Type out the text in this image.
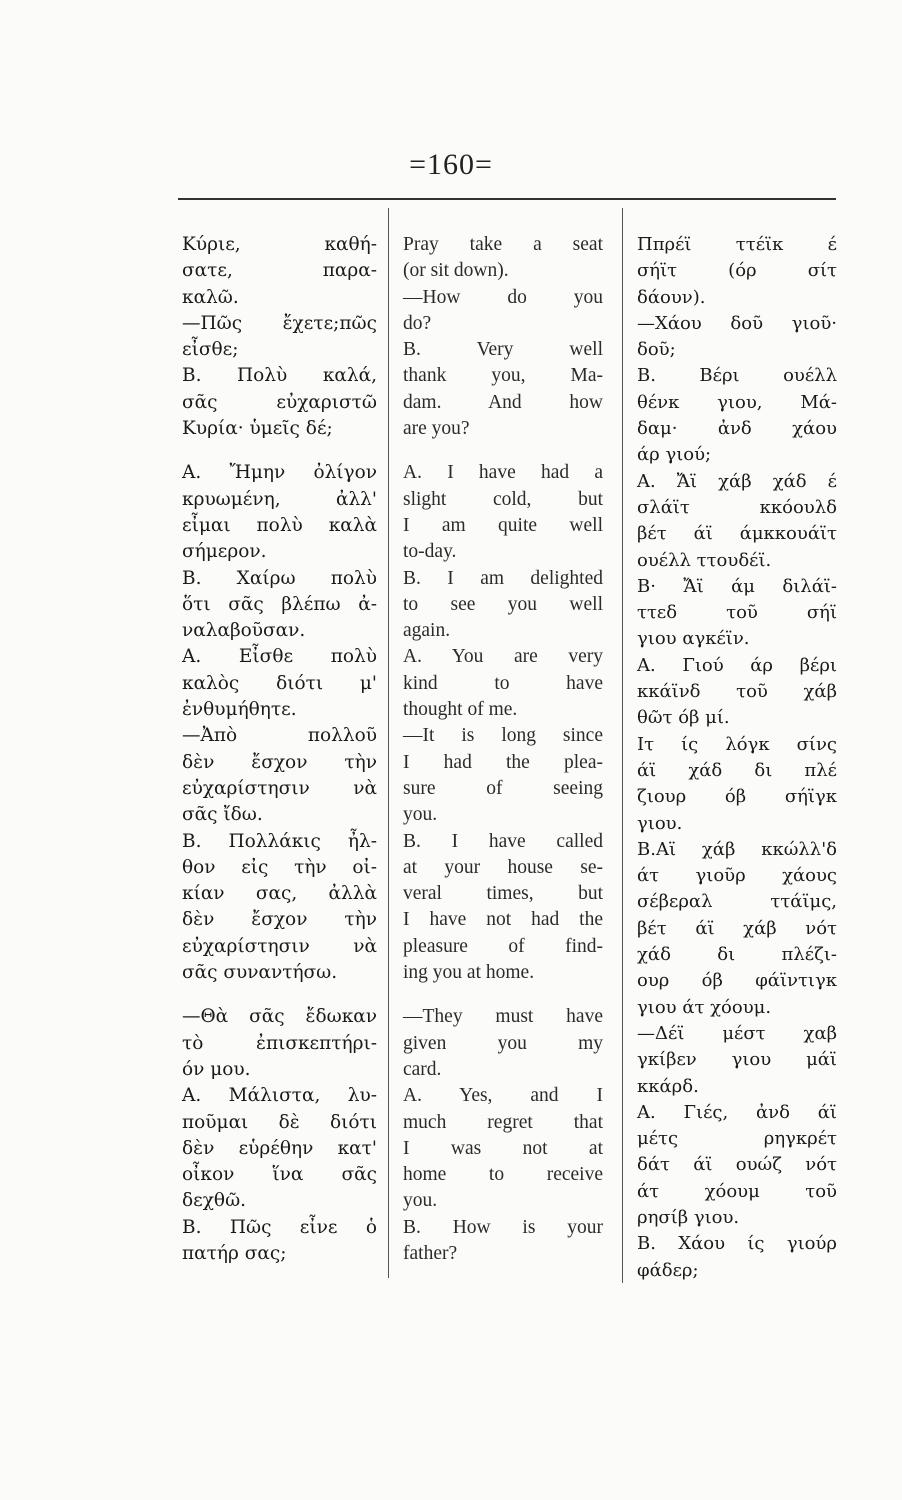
=160=
Κύριε, καθή-
σατε, παρα-
καλῶ.
—Πῶς ἔχετε;πῶς
εἶσθε;
B. Πολὺ καλά,
σᾶς εὐχαριστῶ
Κυρία· ὑμεῖς δέ;
A. Ἤμην ὀλίγον
κρυωμένη, ἀλλ'
εἶμαι πολὺ καλὰ
σήμερον.
B. Χαίρω πολὺ
ὅτι σᾶς βλέπω ἀ-
ναλαβοῦσαν.
A. Εἶσθε πολὺ
καλὸς διότι μ'
ἐνθυμήθητε.
—Ἀπὸ πολλοῦ
δὲν ἔσχον τὴν
εὐχαρίστησιν νὰ
σᾶς ἴδω.
B. Πολλάκις ἦλ-
θον εἰς τὴν οἰ-
κίαν σας, ἀλλὰ
δὲν ἔσχον τὴν
εὐχαρίστησιν νὰ
σᾶς συναντήσω.
—Θὰ σᾶς ἔδωκαν
τὸ ἐπισκεπτήρι-
όν μου.
A. Μάλιστα, λυ-
ποῦμαι δὲ διότι
δὲν εὑρέθην κατ'
οἶκον ἵνα σᾶς
δεχθῶ.
B. Πῶς εἶνε ὁ
πατήρ σας;
Pray take a seat
(or sit down).
—How do you
do?
B. Very well
thank you, Ma-
dam. And how
are you?
A. I have had a
slight cold, but
I am quite well
to-day.
B. I am delighted
to see you well
again.
A. You are very
kind to have
thought of me.
—It is long since
I had the plea-
sure of seeing
you.
B. I have called
at your house se-
veral times, but
I have not had the
pleasure of find-
ing you at home.
—They must have
given you my
card.
A. Yes, and I
much regret that
I was not at
home to receive
you.
B. How is your
father?
Ππρέϊ ττέϊκ έ
σήϊτ (όρ σίτ
δάουν).
—Χάου δοῦ γιοῦ·
δοῦ;
B. Βέρι ουέλλ
θένκ γιου, Μά-
δαμ· ἀνδ χάου
άρ γιού;
A. Ἄϊ χάβ χάδ έ
σλάϊτ κκόουλδ
βέτ άϊ άμκκουάϊτ
ουέλλ ττουδέϊ.
B· Ἄϊ άμ διλάϊ-
ττεδ τοῦ σήϊ
γιου αγκέϊν.
A. Γιού άρ βέρι
κκάϊνδ τοῦ χάβ
θῶτ όβ μί.
Ιτ ίς λόγκ σίνς
άϊ χάδ δι πλέ
ζιουρ όβ σήϊγκ
γιου.
B.Αϊ χάβ κκώλλ'δ
άτ γιοῦρ χάους
σέβεραλ ττάϊμς,
βέτ άϊ χάβ νότ
χάδ δι πλέζι-
ουρ όβ φάϊντιγκ
γιου άτ χόουμ.
—Δέϊ μέστ χαβ
γκίβεν γιου μάϊ
κκάρδ.
A. Γιές, ἀνδ άϊ
μέτς ρηγκρέτ
δάτ άϊ ουώζ νότ
άτ χόουμ τοῦ
ρησίβ γιου.
B. Χάου ίς γιούρ
φάδερ;
